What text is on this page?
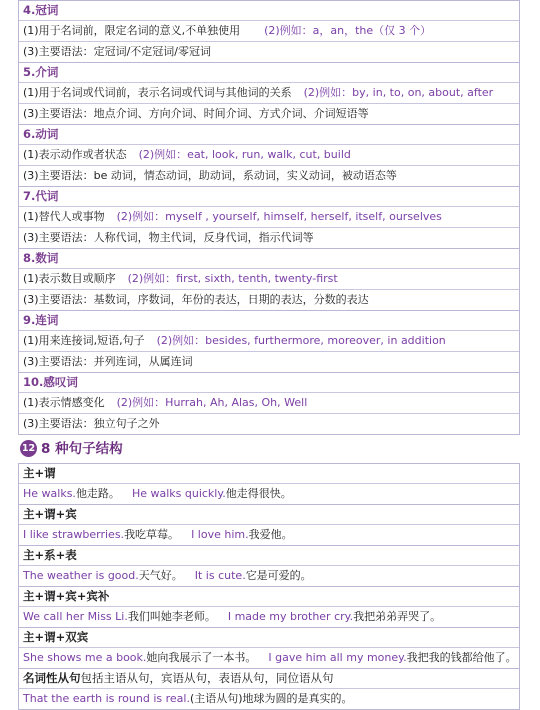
4.冠词
(1)用于名词前，限定名词的意义,不单独使用 (2)例如：a，an，the（仅 3 个）
(3)主要语法：定冠词/不定冠词/零冠词
5.介词
(1)用于名词或代词前，表示名词或代词与其他词的关系 (2)例如：by, in, to, on, about, after
(3)主要语法：地点介词、方向介词、时间介词、方式介词、介词短语等
6.动词
(1)表示动作或者状态 (2)例如：eat, look, run, walk, cut, build
(3)主要语法：be 动词，情态动词，助动词，系动词，实义动词，被动语态等
7.代词
(1)替代人或事物 (2)例如：myself , yourself, himself, herself, itself, ourselves
(3)主要语法：人称代词，物主代词，反身代词，指示代词等
8.数词
(1)表示数目或顺序 (2)例如：first, sixth, tenth, twenty-first
(3)主要语法：基数词，序数词，年份的表达，日期的表达，分数的表达
9.连词
(1)用来连接词,短语,句子 (2)例如：besides, furthermore, moreover, in addition
(3)主要语法：并列连词，从属连词
10.感叹词
(1)表示情感变化 (2)例如：Hurrah, Ah, Alas, Oh, Well
(3)主要语法：独立句子之外
12 8 种句子结构
主+谓
He walks.他走路。 He walks quickly.他走得很快。
主+谓+宾
I like strawberries.我吃草莓。 I love him.我爱他。
主+系+表
The weather is good.天气好。 It is cute.它是可爱的。
主+谓+宾+宾补
We call her Miss Li.我们叫她李老师。 I made my brother cry.我把弟弟弄哭了。
主+谓+双宾
She shows me a book.她向我展示了一本书。 I gave him all my money.我把我的钱都给他了。
名词性从句包括主语从句，宾语从句，表语从句，同位语从句
That the earth is round is real.(主语从句)地球为圆的是真实的。
